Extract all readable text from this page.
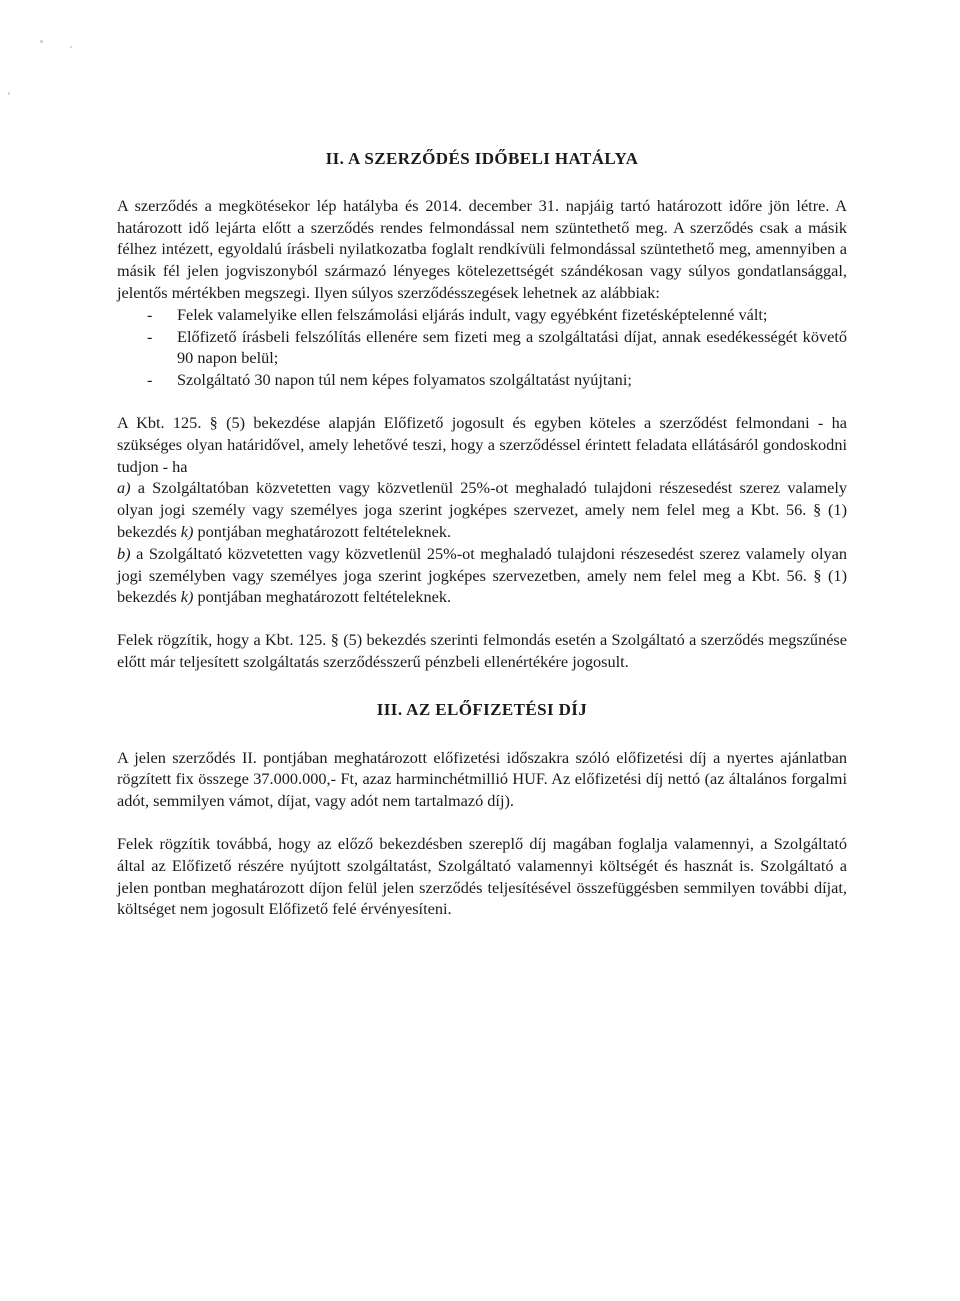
II. A SZERZŐDÉS IDŐBELI HATÁLYA

A szerződés a megkötésekor lép hatályba és 2014. december 31. napjáig tartó határozott időre jön létre. A határozott idő lejárta előtt a szerződés rendes felmondással nem szüntethető meg. A szerződés csak a másik félhez intézett, egyoldalú írásbeli nyilatkozatba foglalt rendkívüli felmondással szüntethető meg, amennyiben a másik fél jelen jogviszonyból származó lényeges kötelezettségét szándékosan vagy súlyos gondatlansággal, jelentős mértékben megszegi. Ilyen súlyos szerződésszegések lehetnek az alábbiak:

- Felek valamelyike ellen felszámolási eljárás indult, vagy egyébként fizetésképtelenné vált;
- Előfizető írásbeli felszólítás ellenére sem fizeti meg a szolgáltatási díjat, annak esedékességét követő 90 napon belül;
- Szolgáltató 30 napon túl nem képes folyamatos szolgáltatást nyújtani;

A Kbt. 125. § (5) bekezdése alapján Előfizető jogosult és egyben köteles a szerződést felmondani - ha szükséges olyan határidővel, amely lehetővé teszi, hogy a szerződéssel érintett feladata ellátásáról gondoskodni tudjon - ha

a) a Szolgáltatóban közvetetten vagy közvetlenül 25%-ot meghaladó tulajdoni részesedést szerez valamely olyan jogi személy vagy személyes joga szerint jogképes szervezet, amely nem felel meg a Kbt. 56. § (1) bekezdés k) pontjában meghatározott feltételeknek.

b) a Szolgáltató közvetetten vagy közvetlenül 25%-ot meghaladó tulajdoni részesedést szerez valamely olyan jogi személyben vagy személyes joga szerint jogképes szervezetben, amely nem felel meg a Kbt. 56. § (1) bekezdés k) pontjában meghatározott feltételeknek.

Felek rögzítik, hogy a Kbt. 125. § (5) bekezdés szerinti felmondás esetén a Szolgáltató a szerződés megszűnése előtt már teljesített szolgáltatás szerződésszerű pénzbeli ellenértékére jogosult.

III. AZ ELŐFIZETÉSI DÍJ

A jelen szerződés II. pontjában meghatározott előfizetési időszakra szóló előfizetési díj a nyertes ajánlatban rögzített fix összege 37.000.000,- Ft, azaz harminchétmillió HUF. Az előfizetési díj nettó (az általános forgalmi adót, semmilyen vámot, díjat, vagy adót nem tartalmazó díj).

Felek rögzítik továbbá, hogy az előző bekezdésben szereplő díj magában foglalja valamennyi, a Szolgáltató által az Előfizető részére nyújtott szolgáltatást, Szolgáltató valamennyi költségét és hasznát is. Szolgáltató a jelen pontban meghatározott díjon felül jelen szerződés teljesítésével összefüggésben semmilyen további díjat, költséget nem jogosult Előfizető felé érvényesíteni.
